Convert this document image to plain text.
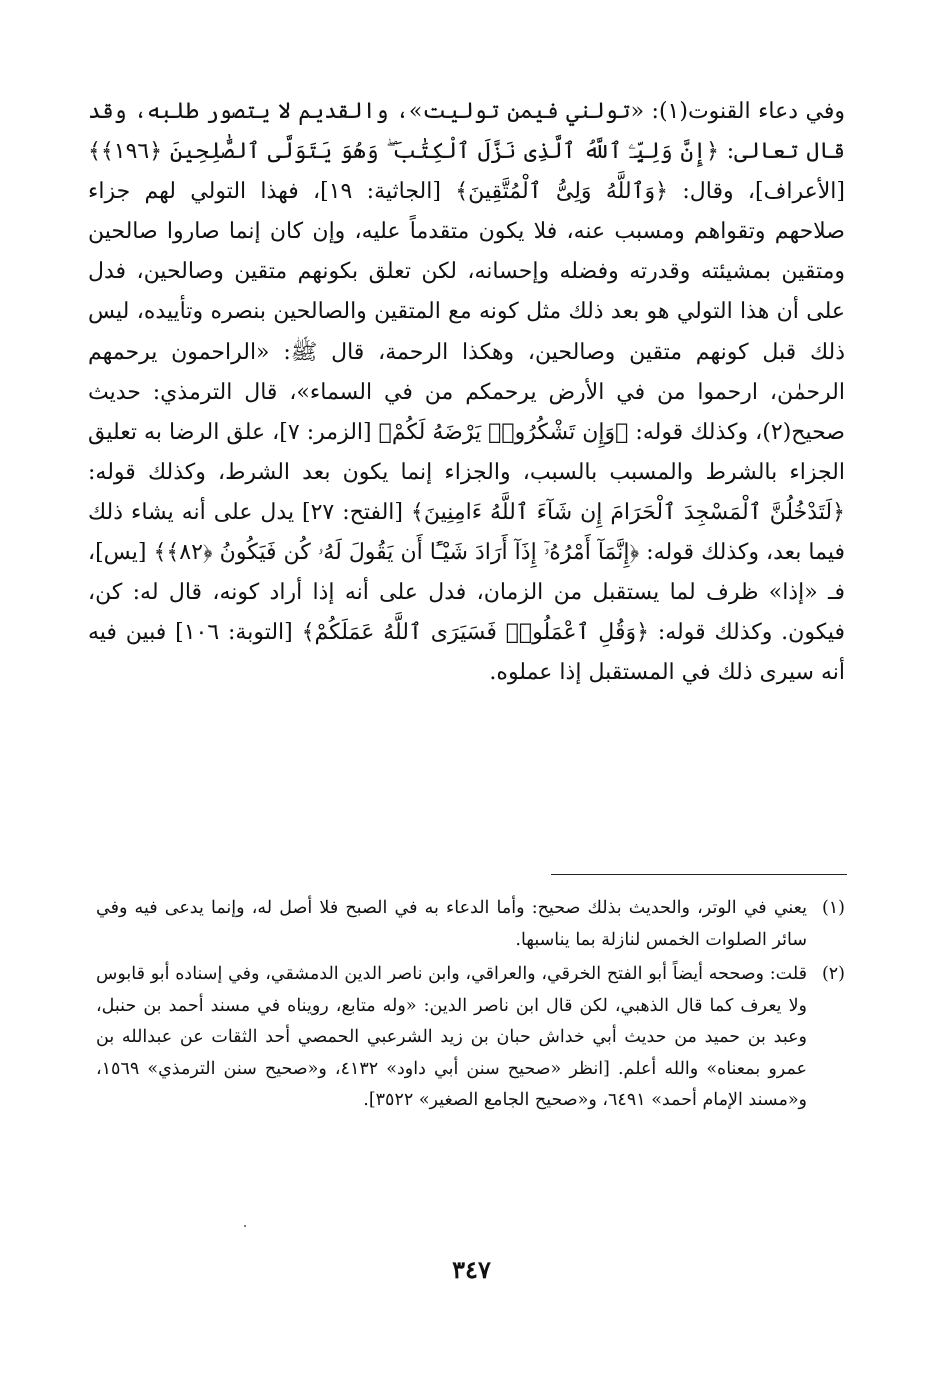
وفي دعاء القنوت(١): «تولني فيمن توليت»، والقديم لا يتصور طلبه، وقد قال تعالى: ﴿إِنَّ وَلِيِّـۧ ٱللَّهُ ٱلَّذِى نَزَّلَ ٱلْكِتَٰبَ ۖ وَهُوَ يَتَوَلَّى ٱلصَّٰلِحِينَ ﴿١٩٦﴾﴾ [الأعراف]، وقال: ﴿وَٱللَّهُ وَلِىُّ ٱلْمُتَّقِينَ﴾ [الجاثية: ١٩]، فهذا التولي لهم جزاء صلاحهم وتقواهم ومسبب عنه، فلا يكون متقدماً عليه، وإن كان إنما صاروا صالحين ومتقين بمشيئته وقدرته وفضله وإحسانه، لكن تعلق بكونهم متقين وصالحين، فدل على أن هذا التولي هو بعد ذلك مثل كونه مع المتقين والصالحين بنصره وتأييده، ليس ذلك قبل كونهم متقين وصالحين، وهكذا الرحمة، قال ﷺ: «الراحمون يرحمهم الرحمٰن، ارحموا من في الأرض يرحمكم من في السماء»، قال الترمذي: حديث صحيح(٢)، وكذلك قوله: ﴿وَإِن تَشْكُرُوا۟ يَرْضَهُ لَكُمْ﴾ [الزمر: ٧]، علق الرضا به تعليق الجزاء بالشرط والمسبب بالسبب، والجزاء إنما يكون بعد الشرط، وكذلك قوله: ﴿لَتَدْخُلُنَّ ٱلْمَسْجِدَ ٱلْحَرَامَ إِن شَآءَ ٱللَّهُ ءَامِنِينَ﴾ [الفتح: ٢٧] يدل على أنه يشاء ذلك فيما بعد، وكذلك قوله: ﴿إِنَّمَآ أَمْرُهُۥٓ إِذَآ أَرَادَ شَيْـًٔا أَن يَقُولَ لَهُۥ كُن فَيَكُونُ ﴿٨٢﴾﴾ [يس]، فـ «إذا» ظرف لما يستقبل من الزمان، فدل على أنه إذا أراد كونه، قال له: كن، فيكون. وكذلك قوله: ﴿وَقُلِ ٱعْمَلُوا۟ فَسَيَرَى ٱللَّهُ عَمَلَكُمْ﴾ [التوبة: ١٠٦] فبين فيه أنه سيرى ذلك في المستقبل إذا عملوه.

(١)
يعني في الوتر، والحديث بذلك صحيح: وأما الدعاء به في الصبح فلا أصل له، وإنما يدعى فيه وفي سائر الصلوات الخمس لنازلة بما يناسبها.
(٢)
قلت: وصححه أيضاً أبو الفتح الخرقي، والعراقي، وابن ناصر الدين الدمشقي، وفي إسناده أبو قابوس ولا يعرف كما قال الذهبي، لكن قال ابن ناصر الدين: «وله متابع، رويناه في مسند أحمد بن حنبل، وعبد بن حميد من حديث أبي خداش حبان بن زيد الشرعبي الحمصي أحد الثقات عن عبدالله بن عمرو بمعناه» والله أعلم. [انظر «صحيح سنن أبي داود» ٤١٣٢، و«صحيح سنن الترمذي» ١٥٦٩، و«مسند الإمام أحمد» ٦٤٩١، و«صحيح الجامع الصغير» ٣٥٢٢].
٣٤٧
